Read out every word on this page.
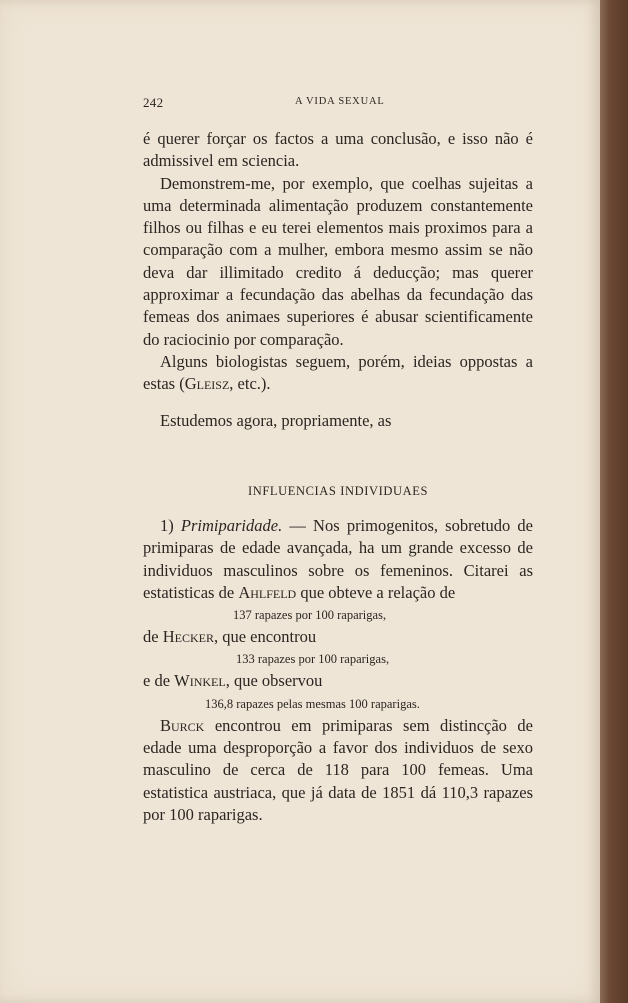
242	A VIDA SEXUAL

é querer forçar os factos a uma conclusão, e isso não é admissivel em sciencia.

Demonstrem-me, por exemplo, que coelhas sujeitas a uma determinada alimentação produzem constantemente filhos ou filhas e eu terei elementos mais proximos para a comparação com a mulher, embora mesmo assim se não deva dar illimitado credito á deducção; mas querer approximar a fecundação das abelhas da fecundação das femeas dos animaes superiores é abusar scientificamente do raciocinio por comparação.

Alguns biologistas seguem, porém, ideias oppostas a estas (Gleisz, etc.).

Estudemos agora, propriamente, as

INFLUENCIAS INDIVIDUAES

1) Primiparidade. — Nos primogenitos, sobretudo de primiparas de edade avançada, ha um grande excesso de individuos masculinos sobre os femeninos. Citarei as estatisticas de Ahlfeld que obteve a relação de

137 rapazes por 100 raparigas,

de Hecker, que encontrou

133 rapazes por 100 raparigas,

e de Winkel, que observou

136,8 rapazes pelas mesmas 100 raparigas.

Burck encontrou em primiparas sem distincção de edade uma desproporção a favor dos individuos de sexo masculino de cerca de 118 para 100 femeas. Uma estatistica austriaca, que já data de 1851 dá 110,3 rapazes por 100 raparigas.
